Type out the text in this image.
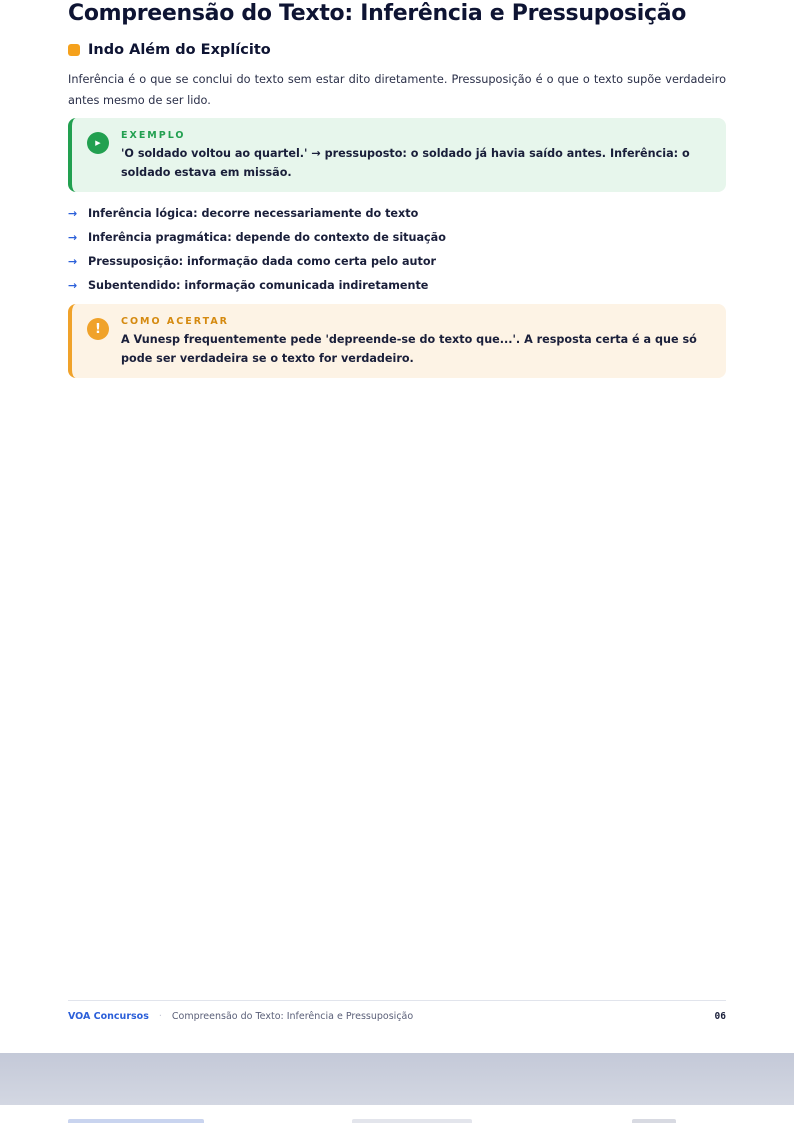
Compreensão do Texto: Inferência e Pressuposição
Indo Além do Explícito

Inferência é o que se conclui do texto sem estar dito diretamente. Pressuposição é o que o texto supõe verdadeiro antes mesmo de ser lido.

▶
EXEMPLO

'O soldado voltou ao quartel.' → pressuposto: o soldado já havia saído antes. Inferência: o soldado estava em missão.

→ Inferência lógica: decorre necessariamente do texto
→ Inferência pragmática: depende do contexto de situação
→ Pressuposição: informação dada como certa pelo autor
→ Subentendido: informação comunicada indiretamente
!	COMO ACERTAR

A Vunesp frequentemente pede 'depreende-se do texto que...'. A resposta certa é a que só pode ser verdadeira se o texto for verdadeiro.

VOA Concursos · Compreensão do Texto: Inferência e Pressuposição	06
